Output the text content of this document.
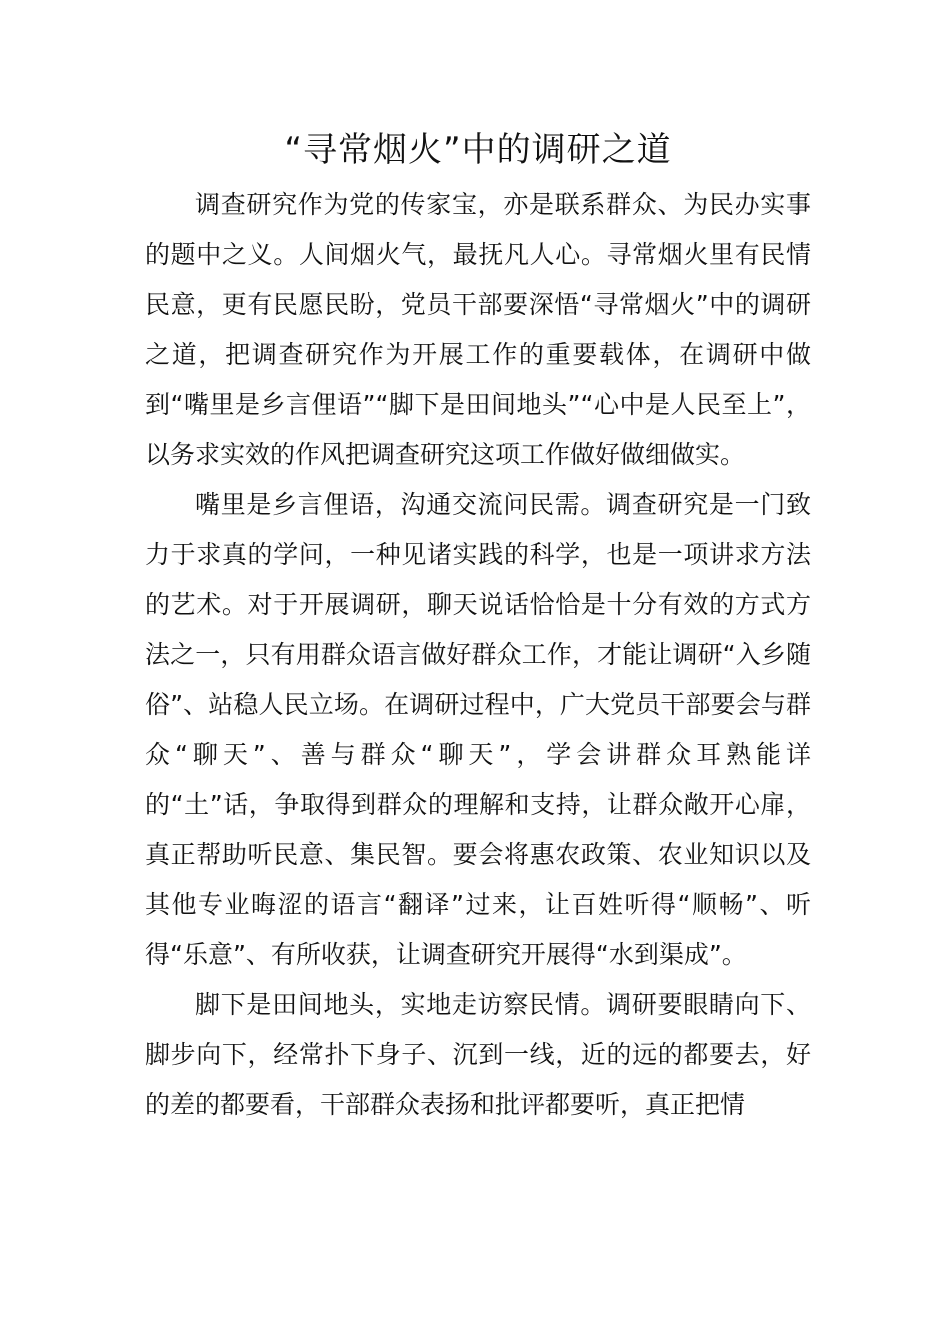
“寻常烟火”中的调研之道

调查研究作为党的传家宝，亦是联系群众、为民办实事的题中之义。人间烟火气，最抚凡人心。寻常烟火里有民情民意，更有民愿民盼，党员干部要深悟“寻常烟火”中的调研之道，把调查研究作为开展工作的重要载体，在调研中做到“嘴里是乡言俚语”“脚下是田间地头”“心中是人民至上”，以务求实效的作风把调查研究这项工作做好做细做实。

嘴里是乡言俚语，沟通交流问民需。调查研究是一门致力于求真的学问，一种见诸实践的科学，也是一项讲求方法的艺术。对于开展调研，聊天说话恰恰是十分有效的方式方法之一，只有用群众语言做好群众工作，才能让调研“入乡随俗”、站稳人民立场。在调研过程中，广大党员干部要会与群众“聊天”、善与群众“聊天”，学会讲群众耳熟能详的“土”话，争取得到群众的理解和支持，让群众敞开心扉，真正帮助听民意、集民智。要会将惠农政策、农业知识以及其他专业晦涩的语言“翻译”过来，让百姓听得“顺畅”、听得“乐意”、有所收获，让调查研究开展得“水到渠成”。

脚下是田间地头，实地走访察民情。调研要眼睛向下、脚步向下，经常扑下身子、沉到一线，近的远的都要去，好的差的都要看，干部群众表扬和批评都要听，真正把情
